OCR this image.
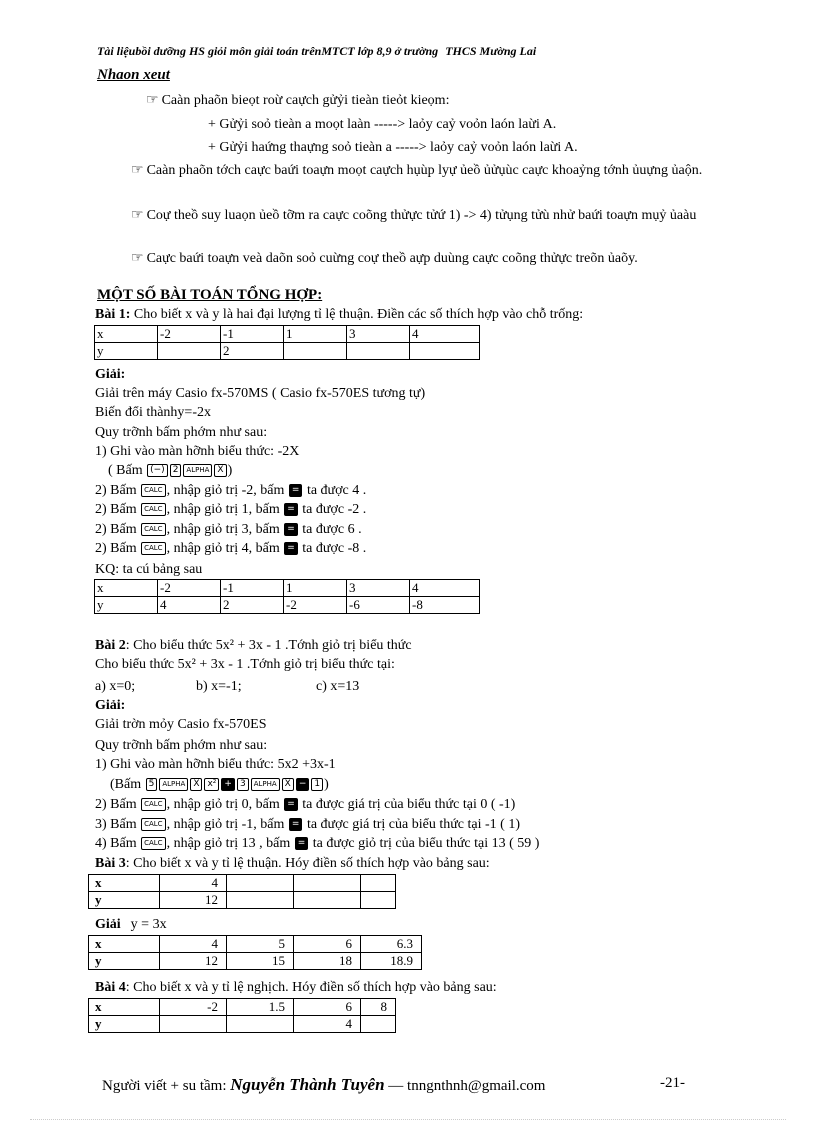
Tài liệubồi dưỡng HS giỏi môn giải toán trênMTCT lớp 8,9 ở trường THCS Mường Lai
Nhaon xeut
☞ Caàn phaõn bieọt roừ caựch gửỷi tieàn tieỏt kieọm:
+ Gửỷi soỏ tieàn a moọt laàn -----> laỏy caỷ voỏn laón laừi A.
+ Gửỷi haứng thaựng soỏ tieàn a -----> laỏy caỷ voỏn laón laừi A.
☞ Caàn phaõn tớch caực baứi toaựn moọt caựch hụùp lyự ủeồ ủửụùc caực khoaỷng tớnh ủuựng ủaộn.
☞ Coự theồ suy luaọn ủeồ tỡm ra caực coõng thửực tửứ 1) -> 4) tửụng tửù nhử baứi toaựn mụỷ ủaàu
☞ Caực baứi toaựn veà daõn soỏ cuừng coự theồ aựp duùng caực coõng thửực treõn ủaõy.
MỘT SỐ BÀI TOÁN TỔNG HỢP:
Bài 1: Cho biết x và y là hai đại lượng tỉ lệ thuận. Điền các số thích hợp vào chỗ trống:
x	-2	-1	1	3	4
y		2			
Giải:
Giải trên máy Casio fx-570MS ( Casio fx-570ES tương tự)
Biến đổi thànhy=-2x
Quy trỡnh bấm phớm như sau:
1) Ghi vào màn hỡnh biểu thức: -2X
( Bấm (−) 2 ALPHA X )
2) Bấm CALC , nhập giỏ trị -2, bấm = ta được 4 .
2) Bấm CALC , nhập giỏ trị 1, bấm = ta được -2 .
2) Bấm CALC , nhập giỏ trị 3, bấm = ta được 6 .
2) Bấm CALC , nhập giỏ trị 4, bấm = ta được -8 .
KQ: ta cú bảng sau
x	-2	-1	1	3	4
y	4	2	-2	-6	-8
Bài 2: Cho biểu thức 5x² + 3x - 1 .Tớnh giỏ trị biểu thức
Cho biểu thức 5x² + 3x - 1 .Tớnh giỏ trị biểu thức tại:
a) x=0;	b) x=-1;	c) x=13
Giải:
Giải trờn mỏy Casio fx-570ES
Quy trỡnh bấm phớm như sau:
1) Ghi vào màn hỡnh biểu thức: 5x2 +3x-1
(Bấm 5 ALPHA X x² + 3 ALPHA X − 1 )
2) Bấm CALC , nhập giỏ trị 0, bấm = ta được giá trị của biểu thức tại 0 ( -1)
3) Bấm CALC , nhập giỏ trị -1, bấm = ta được giá trị của biểu thức tại -1 ( 1)
4) Bấm CALC , nhập giỏ trị 13 , bấm = ta được giỏ trị của biểu thức tại 13 ( 59 )
Bài 3: Cho biết x và y tỉ lệ thuận. Hóy điền số thích hợp vào bảng sau:
x	4			
y	12			
Giải y = 3x
x	4	5	6	6.3
y	12	15	18	18.9
Bài 4: Cho biết x và y tỉ lệ nghịch. Hóy điền số thích hợp vào bảng sau:
x	-2	1.5	6	8
y			4	
Người viết + su tầm: Nguyễn Thành Tuyên — tnngnthnh@gmail.com	-21-
